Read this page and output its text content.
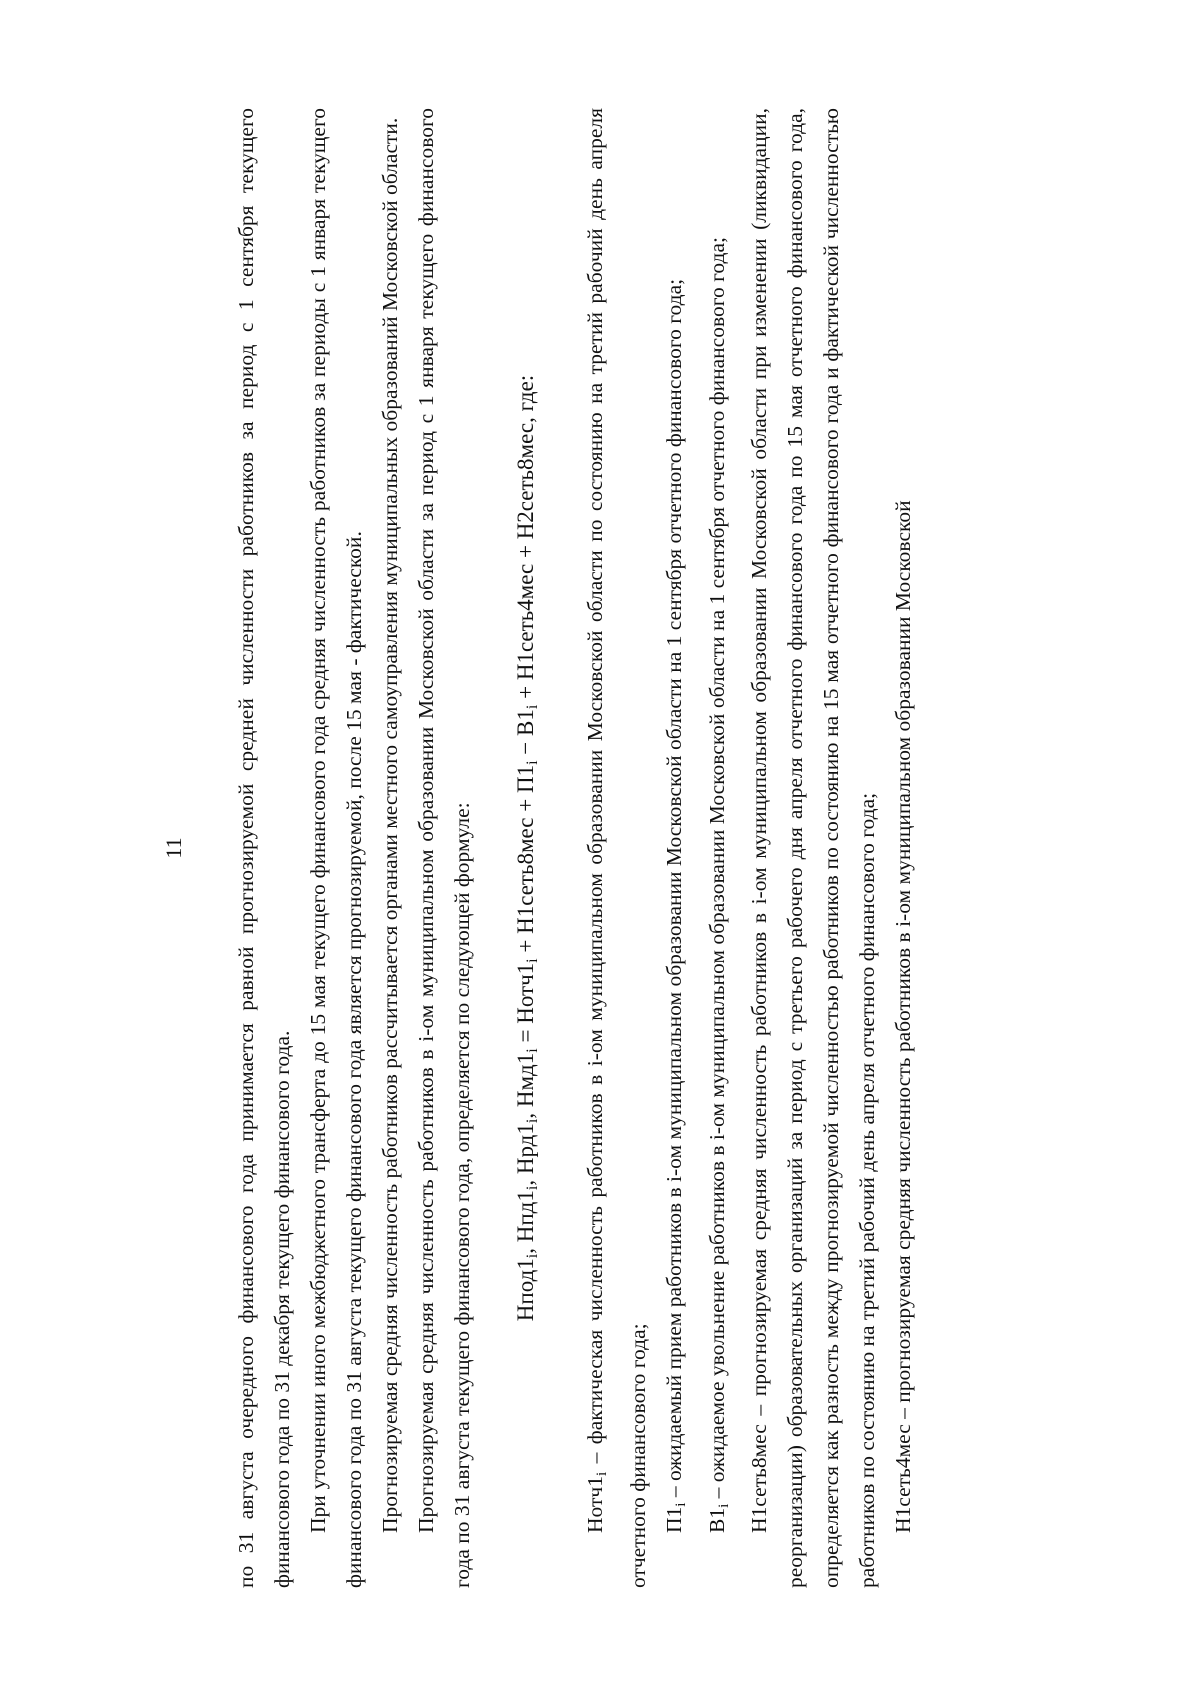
11 по 31 августа очередного финансового года принимается равной прогнозируемой средней численности работников за период с 1 сентября текущего финансового года по 31 декабря текущего финансового года. При уточнении иного межбюджетного трансферта до 15 мая текущего финансового года средняя численность работников за периоды с 1 января текущего финансового года по 31 августа текущего финансового года является прогнозируемой, после 15 мая - фактической. Прогнозируемая средняя численность работников рассчитывается органами местного самоуправления муниципальных образований Московской области. Прогнозируемая средняя численность работников в i-ом муниципальном образовании Московской области за период с 1 января текущего финансового года по 31 августа текущего финансового года, определяется по следующей формуле: $Нпод1_i$, $Нпд1_i$, $Нрд1_i$, $Нмд1_i$ = $Нотч1_i$ + Н1сеть8мес + $П1_i - В1_i$ + Н1сеть4мес + Н2сеть8мес, где:

$Нотч1_i$ – фактическая численность работников в i-ом муниципальном образовании Московской области по состоянию на третий рабочий день апреля отчетного финансового года; $П1_i$ – ожидаемый прием работников в i-ом муниципальном образовании Московской области на 1 сентября отчетного финансового года;

$В1_i$ – ожидаемое увольнение работников в i-ом муниципальном образовании Московской области на 1 сентября отчетного финансового года; Н1сеть8мес – прогнозируемая средняя численность работников в i-ом муниципальном образовании Московской области при изменении (ликвидации, реорганизации) образовательных организаций за период с третьего рабочего дня апреля отчетного финансового года по 15 мая отчетного финансового года, определяется как разность между прогнозируемой численностью работников по состоянию на 15 мая отчетного финансового года и фактической численностью работников по состоянию на третий рабочий день апреля отчетного финансового года; Н1сеть4мес – прогнозируемая средняя численность работников в i-ом муниципальном образовании Московской
